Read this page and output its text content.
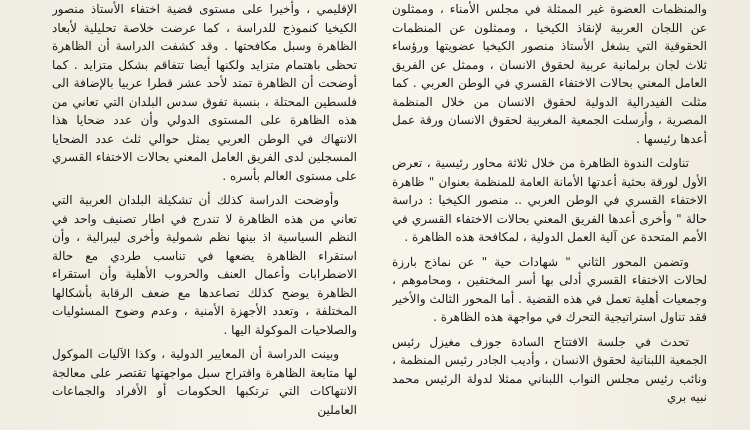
والمنظمات العضوة غير الممثلة في مجلس الأمناء ، وممثلون عن اللجان العربية لإنقاذ الكيخيا ، وممثلون عن المنظمات الحقوقية التي يشغل الأستاذ منصور الكيخيا عضويتها ورؤساء ثلاث لجان برلمانية عربية لحقوق الانسان ، وممثل عن الفريق العامل المعني بحالات الاختفاء القسري في الوطن العربي . كما مثلت الفيدرالية الدولية لحقوق الانسان من خلال المنظمة المصرية ، وأرسلت الجمعية المغربية لحقوق الانسان ورقة عمل أعدها رئيسها .

تناولت الندوة الظاهرة من خلال ثلاثة محاور رئيسية ، تعرض الأول لورقة بحثية أعدتها الأمانة العامة للمنظمة بعنوان " ظاهرة الاختفاء القسري في الوطن العربي .. منصور الكيخيا : دراسة حالة " وأخرى أعدها الفريق المعني بحالات الاختفاء القسري في الأمم المتحدة عن آلية العمل الدولية ، لمكافحة هذه الظاهرة .

وتضمن المحور الثاني " شهادات حية " عن نماذج بارزة لحالات الاختفاء القسري أدلى بها أسر المختفين ، ومحاموهم ، وجمعيات أهلية تعمل في هذه القضية . أما المحور الثالث والأخير فقد تناول استراتيجية التحرك في مواجهة هذه الظاهرة .

تحدث في جلسة الافتتاح السادة جوزف مغيزل رئيس الجمعية اللبنانية لحقوق الانسان ، وأديب الجادر رئيس المنظمة ، ونائب رئيس مجلس النواب اللبناني ممثلا لدولة الرئيس محمد نبيه بري

الإقليمي ، وأخيرا على مستوى قضية اختفاء الأستاذ منصور الكيخيا كنموذج للدراسة ، كما عرضت خلاصة تحليلية لأبعاد الظاهرة وسبل مكافحتها . وقد كشفت الدراسة أن الظاهرة تحظى باهتمام متزايد ولكنها أيضا تتفاقم بشكل متزايد . كما أوضحت أن الظاهرة تمتد لأحد عشر قطرا عربيا بالإضافة الى فلسطين المحتلة ، بنسبة تفوق سدس البلدان التي تعاني من هذه الظاهرة على المستوى الدولي وأن عدد ضحايا هذا الانتهاك في الوطن العربي يمثل حوالي ثلث عدد الضحايا المسجلين لدى الفريق العامل المعني بحالات الاختفاء القسري على مستوى العالم بأسره .

وأوضحت الدراسة كذلك أن تشكيلة البلدان العربية التي تعاني من هذه الظاهرة لا تندرج في اطار تصنيف واحد في النظم السياسية اذ بينها نظم شمولية وأخرى ليبرالية ، وأن استقراء الظاهرة يضعها في تناسب طردي مع حالة الاضطرابات وأعمال العنف والحروب الأهلية وأن استقراء الظاهرة يوضح كذلك تصاعدها مع ضعف الرقابة بأشكالها المختلفة ، وتعدد الأجهزة الأمنية ، وعدم وضوح المسئوليات والصلاحيات الموكولة اليها .

وبينت الدراسة أن المعايير الدولية ، وكذا الآليات الموكول لها متابعة الظاهرة واقتراح سبل مواجهتها تقتصر على معالجة الانتهاكات التي ترتكبها الحكومات أو الأفراد والجماعات العاملين
